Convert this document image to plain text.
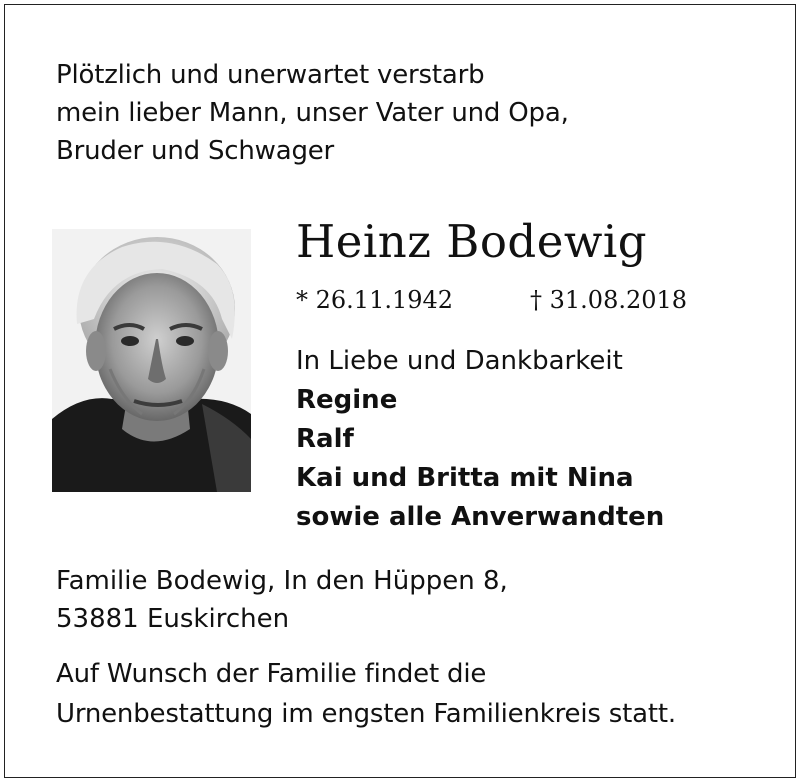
Plötzlich und unerwartet verstarb
mein lieber Mann, unser Vater und Opa,
Bruder und Schwager
Heinz Bodewig
* 26.11.1942	† 31.08.2018
In Liebe und Dankbarkeit
Regine
Ralf
Kai und Britta mit Nina
sowie alle Anverwandten
Familie Bodewig, In den Hüppen 8,
53881 Euskirchen
Auf Wunsch der Familie findet die
Urnenbestattung im engsten Familienkreis statt.
